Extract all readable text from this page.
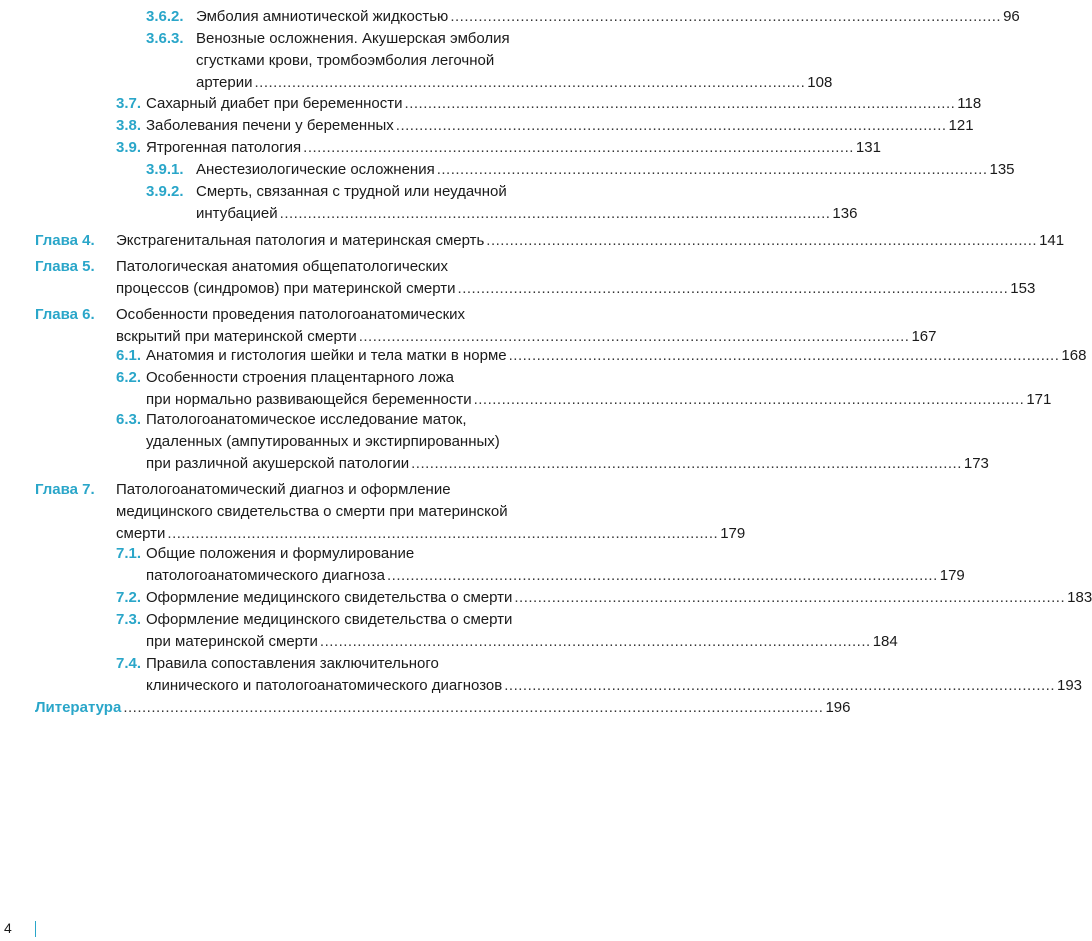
3.6.2. Эмболия амниотической жидкостью ...................................................................................................................... 96
3.6.3. Венозные осложнения. Акушерская эмболия
сгустками крови, тромбоэмболия легочной
артерии ...................................................................................................................... 108
3.7. Сахарный диабет при беременности ...................................................................................................................... 118
3.8. Заболевания печени у беременных ...................................................................................................................... 121
3.9. Ятрогенная патология ...................................................................................................................... 131
3.9.1. Анестезиологические осложнения ...................................................................................................................... 135
3.9.2. Смерть, связанная с трудной или неудачной
интубацией ...................................................................................................................... 136
Глава 4. Экстрагенитальная патология и материнская смерть ...................................................................................................................... 141
Глава 5. Патологическая анатомия общепатологических
процессов (синдромов) при материнской смерти ...................................................................................................................... 153
Глава 6. Особенности проведения патологоанатомических
вскрытий при материнской смерти ...................................................................................................................... 167
6.1. Анатомия и гистология шейки и тела матки в норме ...................................................................................................................... 168
6.2. Особенности строения плацентарного ложа
при нормально развивающейся беременности ...................................................................................................................... 171
6.3. Патологоанатомическое исследование маток,
удаленных (ампутированных и экстирпированных)
при различной акушерской патологии ...................................................................................................................... 173
Глава 7. Патологоанатомический диагноз и оформление
медицинского свидетельства о смерти при материнской
смерти ...................................................................................................................... 179
7.1. Общие положения и формулирование
патологоанатомического диагноза ...................................................................................................................... 179
7.2. Оформление медицинского свидетельства о смерти ...................................................................................................................... 183
7.3. Оформление медицинского свидетельства о смерти
при материнской смерти ...................................................................................................................... 184
7.4. Правила сопоставления заключительного
клинического и патологоанатомического диагнозов ...................................................................................................................... 193
Литература ...................................................................................................................................................... 196
4
